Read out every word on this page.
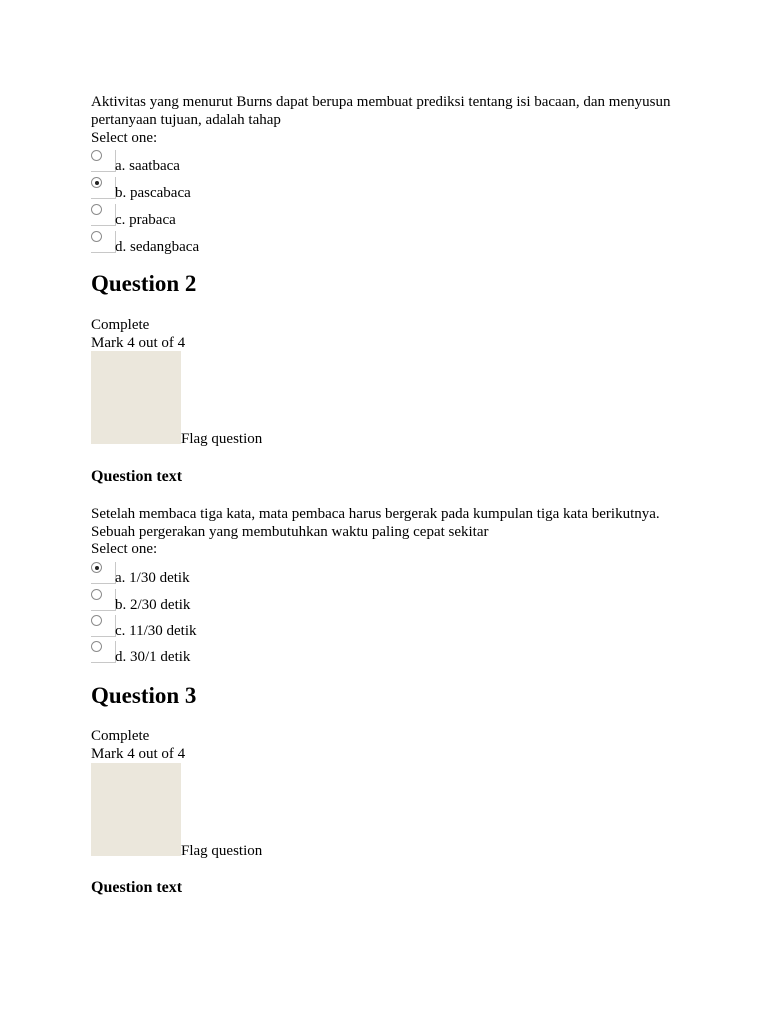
Aktivitas yang menurut Burns dapat berupa membuat prediksi tentang isi bacaan, dan menyusun pertanyaan tujuan, adalah tahap
Select one:
a. saatbaca
b. pascabaca
c. prabaca
d. sedangbaca
Question 2
Complete
Mark 4 out of 4
Flag question
Question text
Setelah membaca tiga kata, mata pembaca harus bergerak pada kumpulan tiga kata berikutnya. Sebuah pergerakan yang membutuhkan waktu paling cepat sekitar
Select one:
a. 1/30 detik
b. 2/30 detik
c. 11/30 detik
d. 30/1 detik
Question 3
Complete
Mark 4 out of 4
Flag question
Question text
